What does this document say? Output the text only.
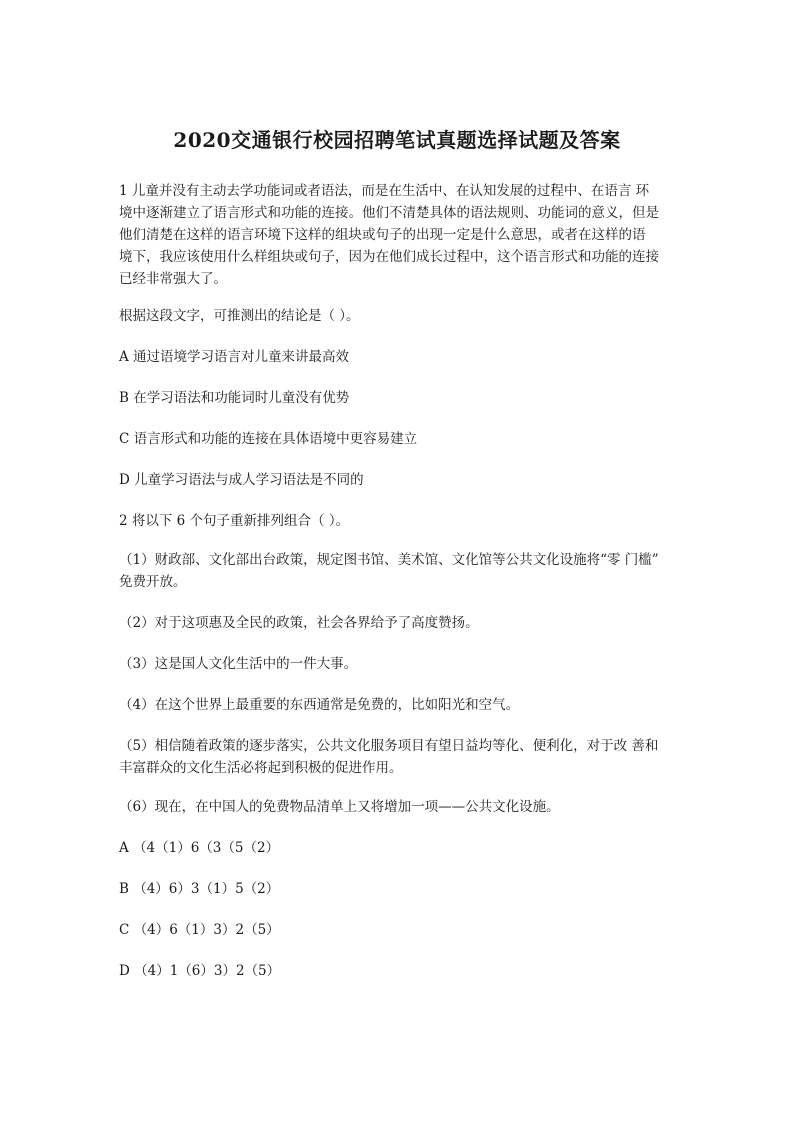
2020交通银行校园招聘笔试真题选择试题及答案
1 儿童并没有主动去学功能词或者语法，而是在生活中、在认知发展的过程中、在语言 环
境中逐渐建立了语言形式和功能的连接。他们不清楚具体的语法规则、功能词的意义，但是
他们清楚在这样的语言环境下这样的组块或句子的出现一定是什么意思，或者在这样的语
境下，我应该使用什么样组块或句子，因为在他们成长过程中，这个语言形式和功能的连接
已经非常强大了。
根据这段文字，可推测出的结论是（ ）。
A 通过语境学习语言对儿童来讲最高效
B 在学习语法和功能词时儿童没有优势
C 语言形式和功能的连接在具体语境中更容易建立
D 儿童学习语法与成人学习语法是不同的
2 将以下 6 个句子重新排列组合（ ）。
（1）财政部、文化部出台政策，规定图书馆、美术馆、文化馆等公共文化设施将“零 门槛”
免费开放。
（2）对于这项惠及全民的政策，社会各界给予了高度赞扬。
（3）这是国人文化生活中的一件大事。
（4）在这个世界上最重要的东西通常是免费的，比如阳光和空气。
（5）相信随着政策的逐步落实，公共文化服务项目有望日益均等化、便利化，对于改 善和
丰富群众的文化生活必将起到积极的促进作用。
（6）现在，在中国人的免费物品清单上又将增加一项——公共文化设施。
A （4（1）6（3（5（2）
B （4）6）3（1）5（2）
C （4）6（1）3）2（5）
D （4）1（6）3）2（5）
